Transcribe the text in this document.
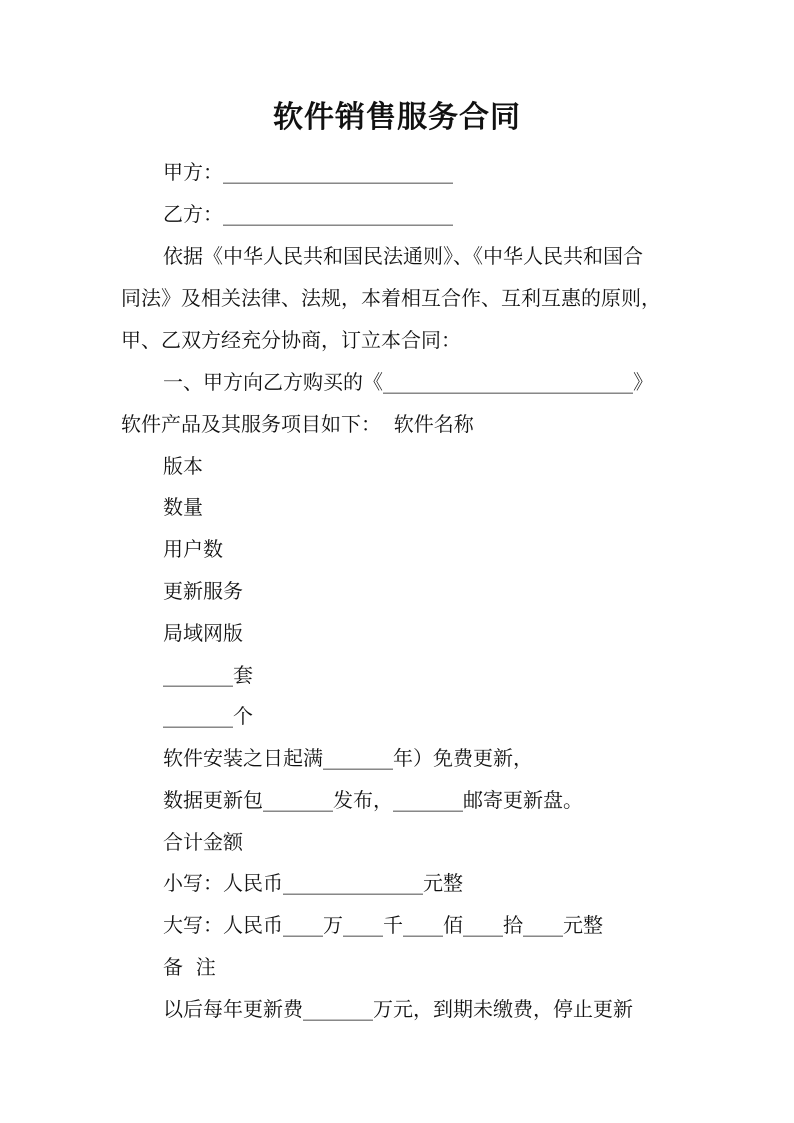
软件销售服务合同

甲方：_______________________

乙方：_______________________

依据《中华人民共和国民法通则》、《中华人民共和国合

同法》及相关法律、法规，本着相互合作、互利互惠的原则，

甲、乙双方经充分协商，订立本合同：

一、甲方向乙方购买的《_________________________》

软件产品及其服务项目如下：  软件名称

版本

数量

用户数

更新服务

局域网版

_______套

_______个

软件安装之日起满_______年）免费更新，

数据更新包_______发布，_______邮寄更新盘。

合计金额

小写：人民币______________元整

大写：人民币____万____千____佰____拾____元整

备  注

以后每年更新费_______万元，到期未缴费，停止更新
